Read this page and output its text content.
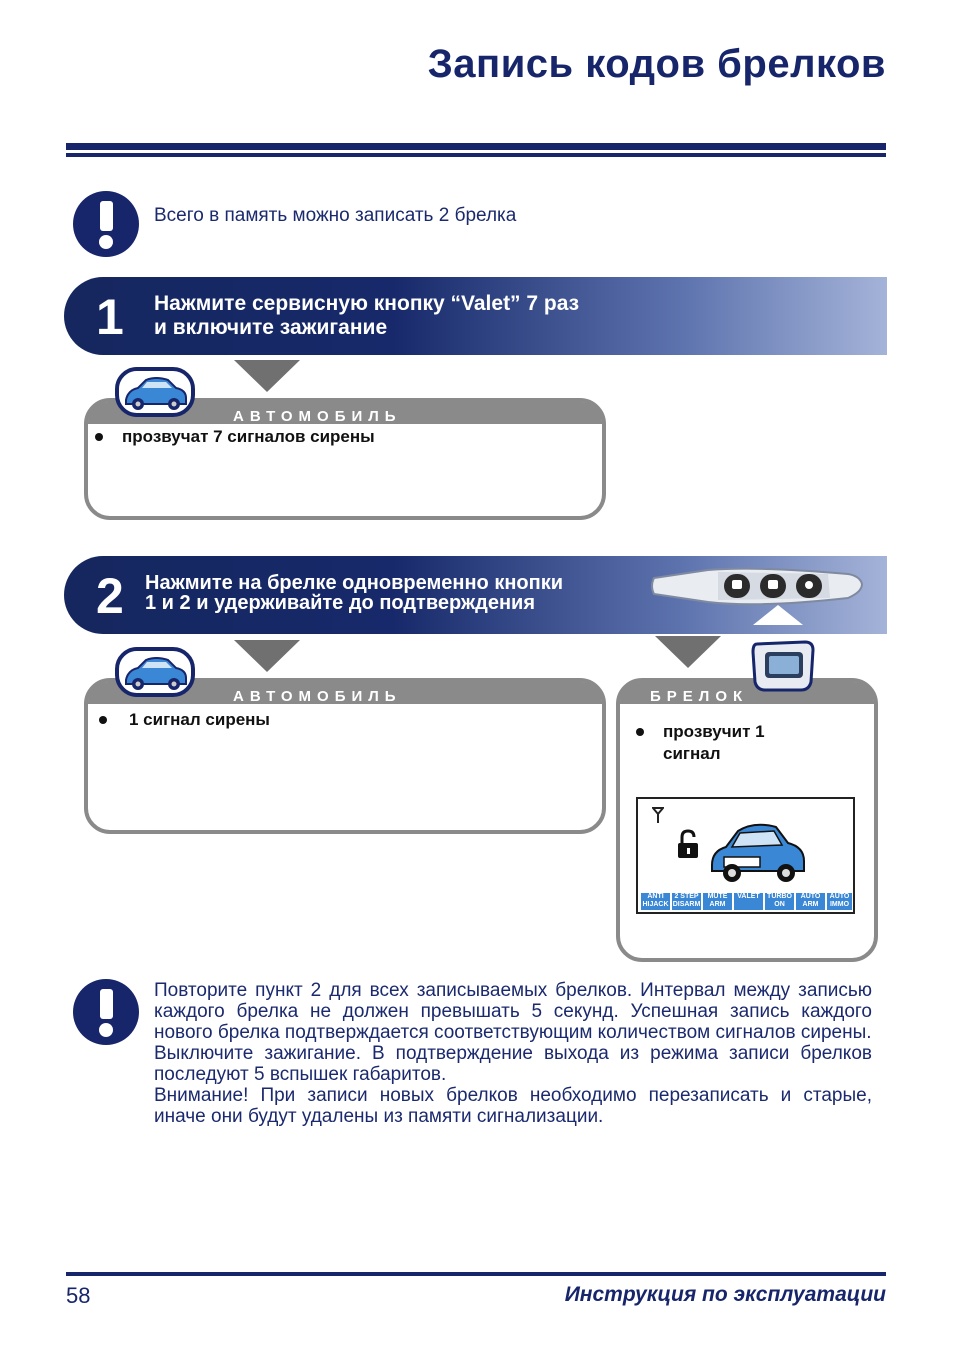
Запись кодов брелков
Всего в память можно записать 2 брелка
1 Нажмите сервисную кнопку “Valet” 7 раз
и включите зажигание
АВТОМОБИЛЬ
прозвучат 7 сигналов сирены
2 Нажмите на брелке одновременно кнопки
1 и 2 и удерживайте до подтверждения
АВТОМОБИЛЬ
1 сигнал сирены
БРЕЛОК
прозвучит 1
сигнал
ANTI
HIJACK
2 STEP
DISARM
MUTE
ARM
VALET	TURBO
ON
AUTO
ARM
AUTO
IMMO

Повторите пункт 2 для всех записываемых брелков. Интервал между записью каждого брелка не должен превышать 5 секунд. Успешная запись каждого нового брелка подтверждается соответствующим количеством сигналов сирены.

Выключите зажигание. В подтверждение выхода из режима записи брелков последуют 5 вспышек габаритов.

Внимание! При записи новых брелков необходимо перезаписать и старые, иначе они будут удалены из памяти сигнализации.

58	Инструкция по эксплуатации
